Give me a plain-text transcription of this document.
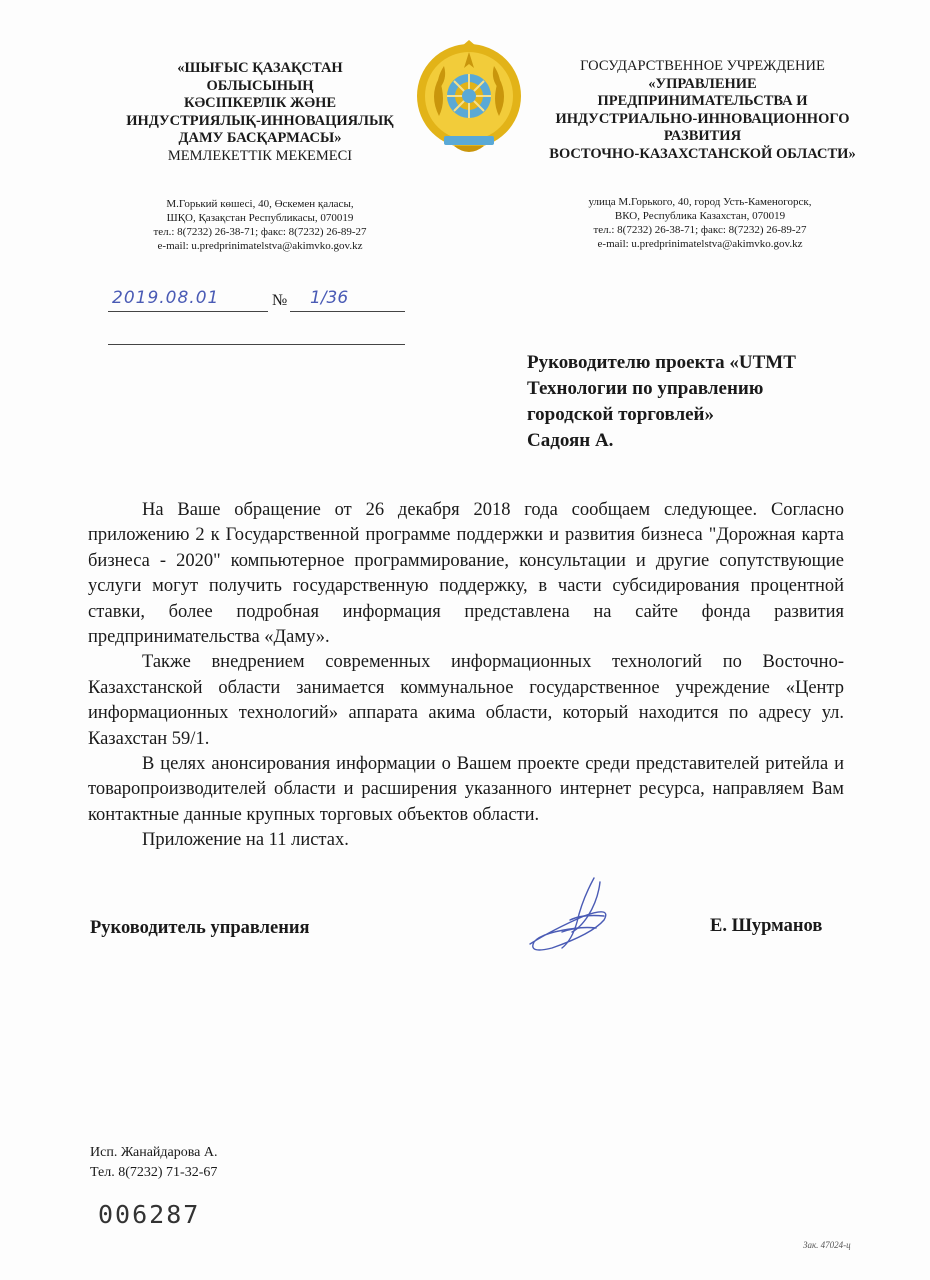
«ШЫҒЫС ҚАЗАҚСТАН
ОБЛЫСЫНЫҢ
КӘСІПКЕРЛІК ЖӘНЕ
ИНДУСТРИЯЛЫҚ-ИННОВАЦИЯЛЫҚ
ДАМУ БАСҚАРМАСЫ»
МЕМЛЕКЕТТІК МЕКЕМЕСІ
М.Горький көшесі, 40, Өскемен қаласы,
ШҚО, Қазақстан Республикасы, 070019
тел.: 8(7232) 26-38-71; факс: 8(7232) 26-89-27
e-mail: u.predprinimatelstva@akimvko.gov.kz
ГОСУДАРСТВЕННОЕ УЧРЕЖДЕНИЕ
«УПРАВЛЕНИЕ
ПРЕДПРИНИМАТЕЛЬСТВА И
ИНДУСТРИАЛЬНО-ИННОВАЦИОННОГО
РАЗВИТИЯ
ВОСТОЧНО-КАЗАХСТАНСКОЙ ОБЛАСТИ»
улица М.Горького, 40, город Усть-Каменогорск,
ВКО, Республика Казахстан, 070019
тел.: 8(7232) 26-38-71; факс: 8(7232) 26-89-27
e-mail: u.predprinimatelstva@akimvko.gov.kz
2019.08.01	№ 1/36
Руководителю проекта «UTMT
Технологии по управлению
городской торговлей»
Садоян А.

На Ваше обращение от 26 декабря 2018 года сообщаем следующее. Согласно приложению 2 к Государственной программе поддержки и развития бизнеса "Дорожная карта бизнеса - 2020" компьютерное программирование, консультации и другие сопутствующие услуги могут получить государственную поддержку, в части субсидирования процентной ставки, более подробная информация представлена на сайте фонда развития предпринимательства «Даму».

Также внедрением современных информационных технологий по Восточно-Казахстанской области занимается коммунальное государственное учреждение «Центр информационных технологий» аппарата акима области, который находится по адресу ул. Казахстан 59/1.

В целях анонсирования информации о Вашем проекте среди представителей ритейла и товаропроизводителей области и расширения указанного интернет ресурса, направляем Вам контактные данные крупных торговых объектов области.

Приложение на 11 листах.

Руководитель управления	Е. Шурманов
Исп. Жанайдарова А.
Тел. 8(7232) 71-32-67
006287
Зак. 47024-ц
